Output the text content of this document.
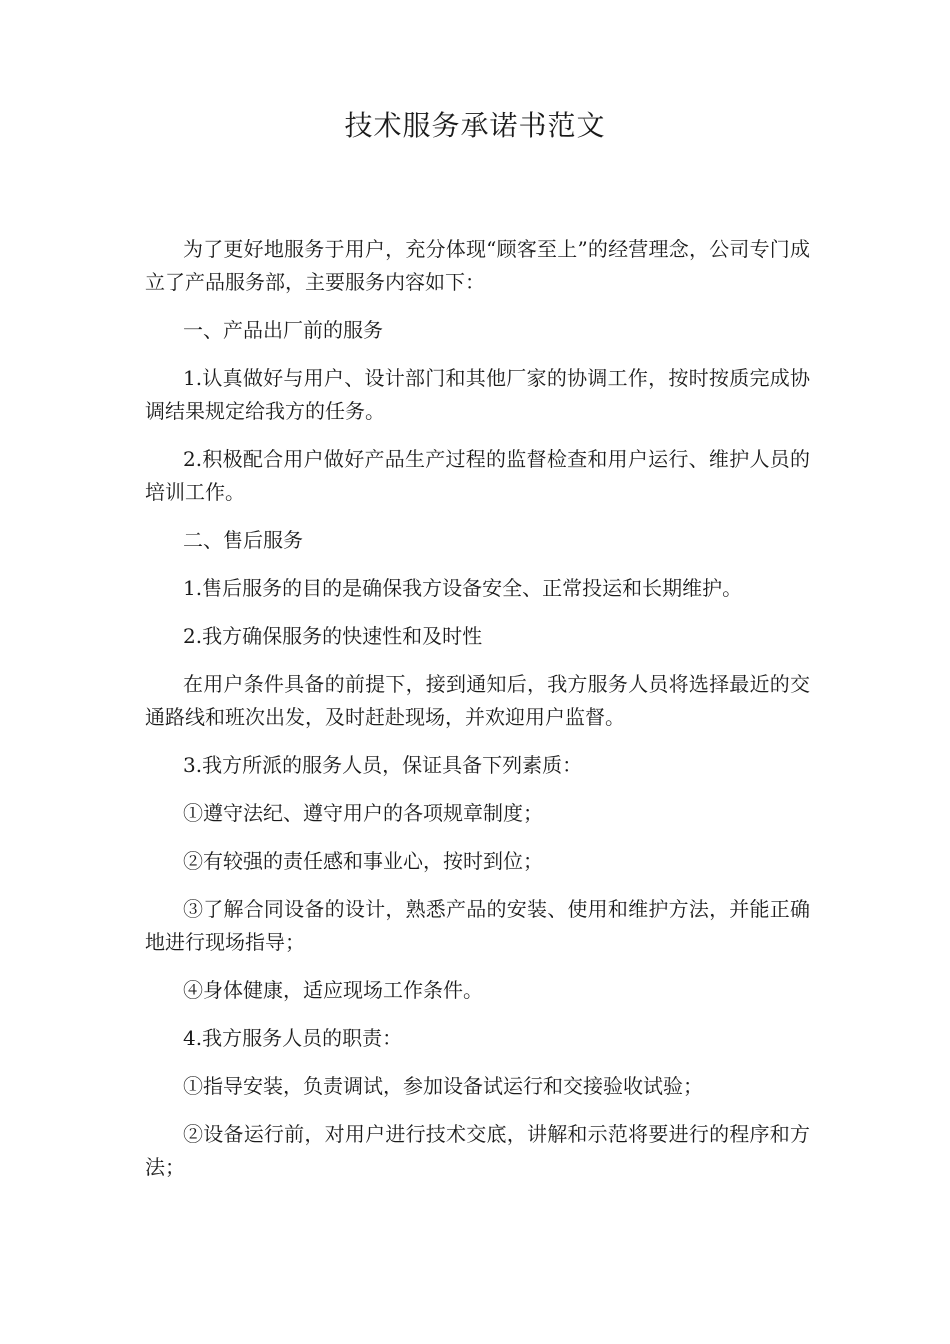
技术服务承诺书范文

为了更好地服务于用户，充分体现“顾客至上”的经营理念，公司专门成立了产品服务部，主要服务内容如下：

一、产品出厂前的服务

1.认真做好与用户、设计部门和其他厂家的协调工作，按时按质完成协调结果规定给我方的任务。

2.积极配合用户做好产品生产过程的监督检查和用户运行、维护人员的培训工作。

二、售后服务

1.售后服务的目的是确保我方设备安全、正常投运和长期维护。

2.我方确保服务的快速性和及时性

在用户条件具备的前提下，接到通知后，我方服务人员将选择最近的交通路线和班次出发，及时赶赴现场，并欢迎用户监督。

3.我方所派的服务人员，保证具备下列素质：

①遵守法纪、遵守用户的各项规章制度；

②有较强的责任感和事业心，按时到位；

③了解合同设备的设计，熟悉产品的安装、使用和维护方法，并能正确地进行现场指导；

④身体健康，适应现场工作条件。

4.我方服务人员的职责：

①指导安装，负责调试，参加设备试运行和交接验收试验；

②设备运行前，对用户进行技术交底，讲解和示范将要进行的程序和方法；
